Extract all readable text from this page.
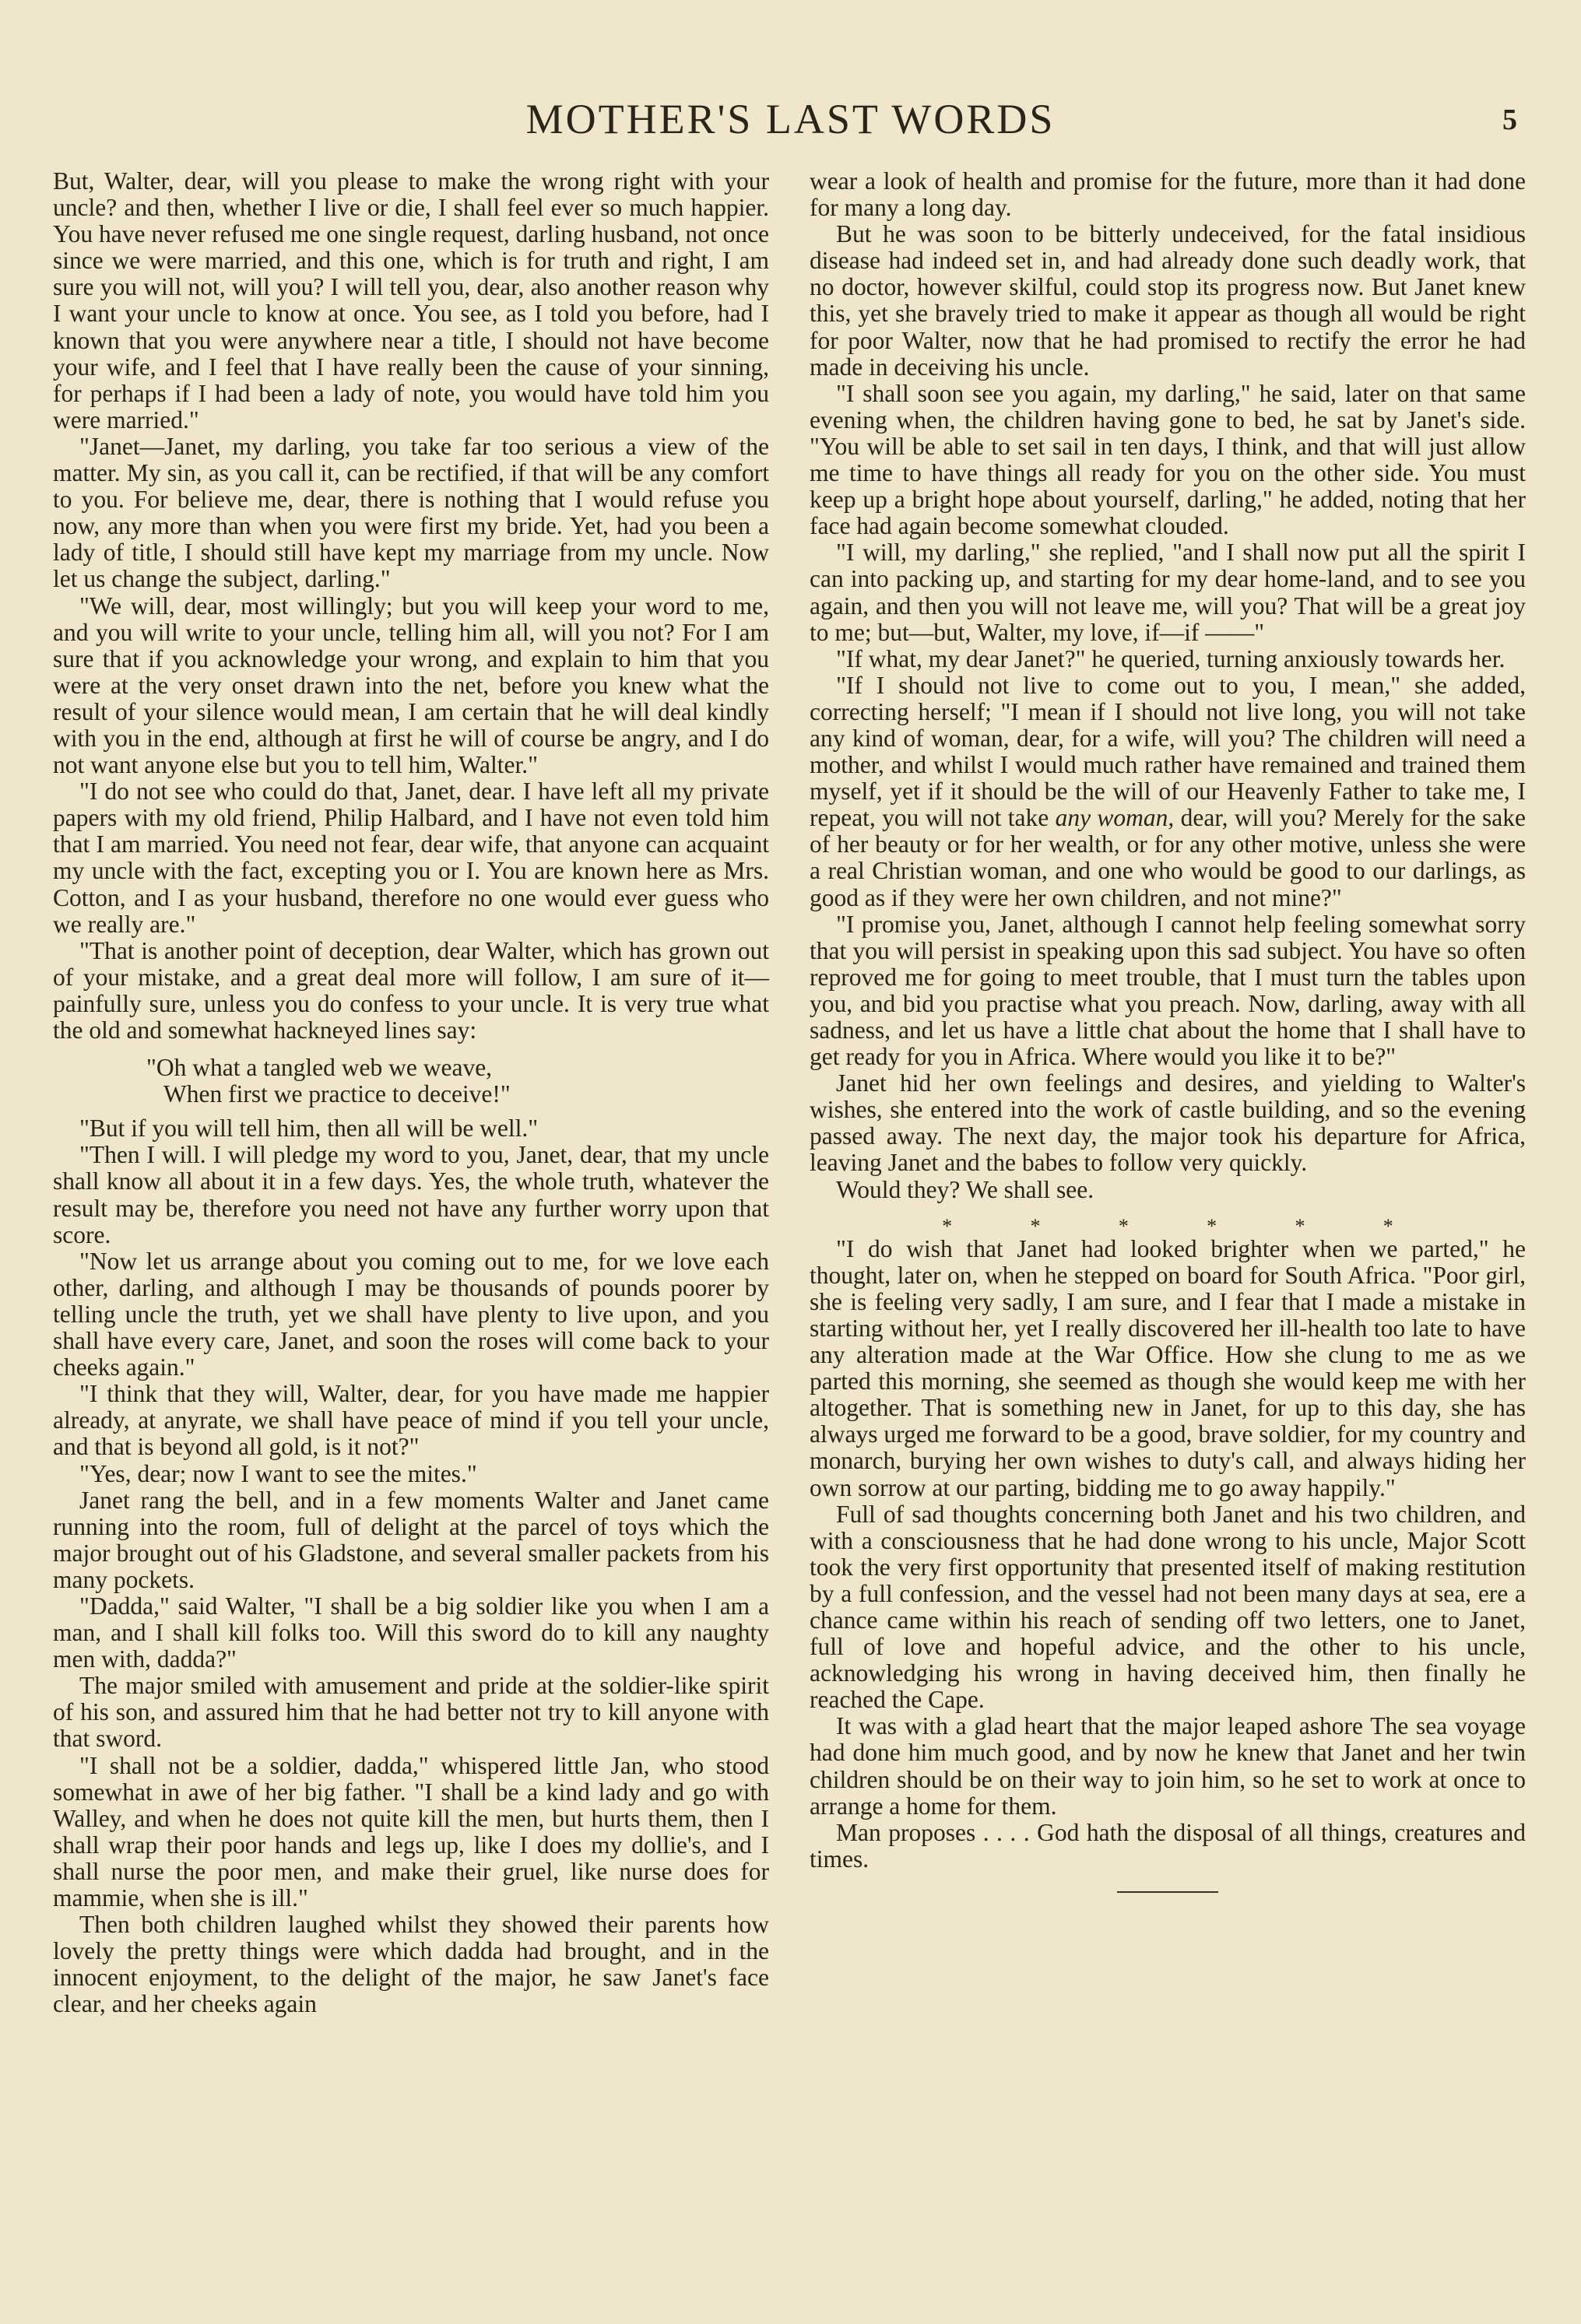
MOTHER'S LAST WORDS	5

But, Walter, dear, will you please to make the wrong right with your uncle? and then, whether I live or die, I shall feel ever so much happier. You have never refused me one single request, darling husband, not once since we were married, and this one, which is for truth and right, I am sure you will not, will you? I will tell you, dear, also another reason why I want your uncle to know at once. You see, as I told you before, had I known that you were anywhere near a title, I should not have become your wife, and I feel that I have really been the cause of your sinning, for perhaps if I had been a lady of note, you would have told him you were married."

"Janet—Janet, my darling, you take far too serious a view of the matter. My sin, as you call it, can be rectified, if that will be any comfort to you. For believe me, dear, there is nothing that I would refuse you now, any more than when you were first my bride. Yet, had you been a lady of title, I should still have kept my marriage from my uncle. Now let us change the subject, darling."

"We will, dear, most willingly; but you will keep your word to me, and you will write to your uncle, telling him all, will you not? For I am sure that if you acknowledge your wrong, and explain to him that you were at the very onset drawn into the net, before you knew what the result of your silence would mean, I am certain that he will deal kindly with you in the end, although at first he will of course be angry, and I do not want anyone else but you to tell him, Walter."

"I do not see who could do that, Janet, dear. I have left all my private papers with my old friend, Philip Halbard, and I have not even told him that I am married. You need not fear, dear wife, that anyone can acquaint my uncle with the fact, excepting you or I. You are known here as Mrs. Cotton, and I as your husband, therefore no one would ever guess who we really are."

"That is another point of deception, dear Walter, which has grown out of your mistake, and a great deal more will follow, I am sure of it—painfully sure, unless you do confess to your uncle. It is very true what the old and somewhat hackneyed lines say:

"Oh what a tangled web we weave,
When first we practice to deceive!"

"But if you will tell him, then all will be well."

"Then I will. I will pledge my word to you, Janet, dear, that my uncle shall know all about it in a few days. Yes, the whole truth, whatever the result may be, therefore you need not have any further worry upon that score.

"Now let us arrange about you coming out to me, for we love each other, darling, and although I may be thousands of pounds poorer by telling uncle the truth, yet we shall have plenty to live upon, and you shall have every care, Janet, and soon the roses will come back to your cheeks again."

"I think that they will, Walter, dear, for you have made me happier already, at anyrate, we shall have peace of mind if you tell your uncle, and that is beyond all gold, is it not?"

"Yes, dear; now I want to see the mites."

Janet rang the bell, and in a few moments Walter and Janet came running into the room, full of delight at the parcel of toys which the major brought out of his Gladstone, and several smaller packets from his many pockets.

"Dadda," said Walter, "I shall be a big soldier like you when I am a man, and I shall kill folks too. Will this sword do to kill any naughty men with, dadda?"

The major smiled with amusement and pride at the soldier-like spirit of his son, and assured him that he had better not try to kill anyone with that sword.

"I shall not be a soldier, dadda," whispered little Jan, who stood somewhat in awe of her big father. "I shall be a kind lady and go with Walley, and when he does not quite kill the men, but hurts them, then I shall wrap their poor hands and legs up, like I does my dollie's, and I shall nurse the poor men, and make their gruel, like nurse does for mammie, when she is ill."

Then both children laughed whilst they showed their parents how lovely the pretty things were which dadda had brought, and in the innocent enjoyment, to the delight of the major, he saw Janet's face clear, and her cheeks again

wear a look of health and promise for the future, more than it had done for many a long day.

But he was soon to be bitterly undeceived, for the fatal insidious disease had indeed set in, and had already done such deadly work, that no doctor, however skilful, could stop its progress now. But Janet knew this, yet she bravely tried to make it appear as though all would be right for poor Walter, now that he had promised to rectify the error he had made in deceiving his uncle.

"I shall soon see you again, my darling," he said, later on that same evening when, the children having gone to bed, he sat by Janet's side. "You will be able to set sail in ten days, I think, and that will just allow me time to have things all ready for you on the other side. You must keep up a bright hope about yourself, darling," he added, noting that her face had again become somewhat clouded.

"I will, my darling," she replied, "and I shall now put all the spirit I can into packing up, and starting for my dear home-land, and to see you again, and then you will not leave me, will you? That will be a great joy to me; but—but, Walter, my love, if—if ——"

"If what, my dear Janet?" he queried, turning anxiously towards her.

"If I should not live to come out to you, I mean," she added, correcting herself; "I mean if I should not live long, you will not take any kind of woman, dear, for a wife, will you? The children will need a mother, and whilst I would much rather have remained and trained them myself, yet if it should be the will of our Heavenly Father to take me, I repeat, you will not take any woman, dear, will you? Merely for the sake of her beauty or for her wealth, or for any other motive, unless she were a real Christian woman, and one who would be good to our darlings, as good as if they were her own children, and not mine?"

"I promise you, Janet, although I cannot help feeling somewhat sorry that you will persist in speaking upon this sad subject. You have so often reproved me for going to meet trouble, that I must turn the tables upon you, and bid you practise what you preach. Now, darling, away with all sadness, and let us have a little chat about the home that I shall have to get ready for you in Africa. Where would you like it to be?"

Janet hid her own feelings and desires, and yielding to Walter's wishes, she entered into the work of castle building, and so the evening passed away. The next day, the major took his departure for Africa, leaving Janet and the babes to follow very quickly.

Would they? We shall see.

*	*	*	*	*	*

"I do wish that Janet had looked brighter when we parted," he thought, later on, when he stepped on board for South Africa. "Poor girl, she is feeling very sadly, I am sure, and I fear that I made a mistake in starting without her, yet I really discovered her ill-health too late to have any alteration made at the War Office. How she clung to me as we parted this morning, she seemed as though she would keep me with her altogether. That is something new in Janet, for up to this day, she has always urged me forward to be a good, brave soldier, for my country and monarch, burying her own wishes to duty's call, and always hiding her own sorrow at our parting, bidding me to go away happily."

Full of sad thoughts concerning both Janet and his two children, and with a consciousness that he had done wrong to his uncle, Major Scott took the very first opportunity that presented itself of making restitution by a full confession, and the vessel had not been many days at sea, ere a chance came within his reach of sending off two letters, one to Janet, full of love and hopeful advice, and the other to his uncle, acknowledging his wrong in having deceived him, then finally he reached the Cape.

It was with a glad heart that the major leaped ashore The sea voyage had done him much good, and by now he knew that Janet and her twin children should be on their way to join him, so he set to work at once to arrange a home for them.

Man proposes . . . . God hath the disposal of all things, creatures and times.
